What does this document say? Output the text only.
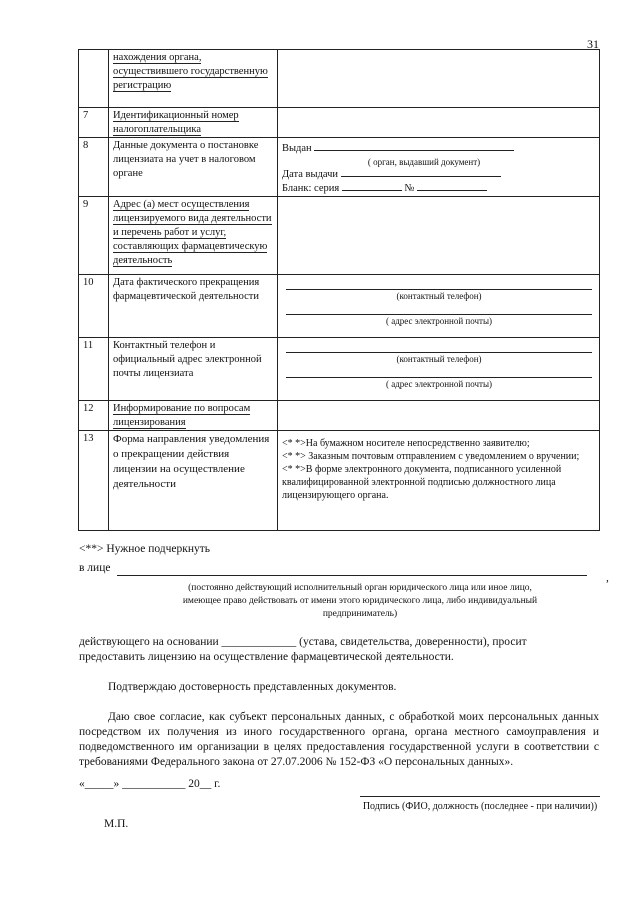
31
	нахождения органа, осуществившего государственную регистрацию	
7	Идентификационный номер налогоплательщика	
8	Данные документа о постановке лицензиата на учет в налоговом органе	Выдан
( орган, выдавший документ)
Дата выдачи
Бланк: серия №

9	Адрес (а) мест осуществления лицензируемого вида деятельности и перечень работ и услуг, составляющих фармацевтическую деятельность	
10	Дата фактического прекращения фармацевтической деятельности	(контактный телефон)
( адрес электронной почты)

11	Контактный телефон и официальный адрес электронной почты лицензиата	(контактный телефон)
( адрес электронной почты)

12	Информирование по вопросам лицензирования	
13	Форма направления уведомления о прекращении действия лицензии на осуществление деятельности	<* *>На бумажном носителе непосредственно заявителю;
<* *> Заказным почтовым отправлением с уведомлением о вручении;
<* *>В форме электронного документа, подписанного усиленной квалифицированной электронной подписью должностного лица лицензирующего органа.
<**> Нужное подчеркнуть
в лице
,
(постоянно действующий исполнительный орган юридического лица или иное лицо,
имеющее право действовать от имени этого юридического лица, либо индивидуальный
предприниматель)
действующего на основании _____________ (устава, свидетельства, доверенности), просит
предоставить лицензию на осуществление фармацевтической деятельности.
Подтверждаю достоверность представленных документов.
Даю свое согласие, как субъект персональных данных, с обработкой моих персональных данных посредством их получения из иного государственного органа, органа местного самоуправления и подведомственного им организации в целях предоставления государственной услуги в соответствии с требованиями Федерального закона от 27.07.2006 № 152-ФЗ «О персональных данных».
«_____» ___________ 20__ г.
Подпись (ФИО, должность (последнее - при наличии))
М.П.
